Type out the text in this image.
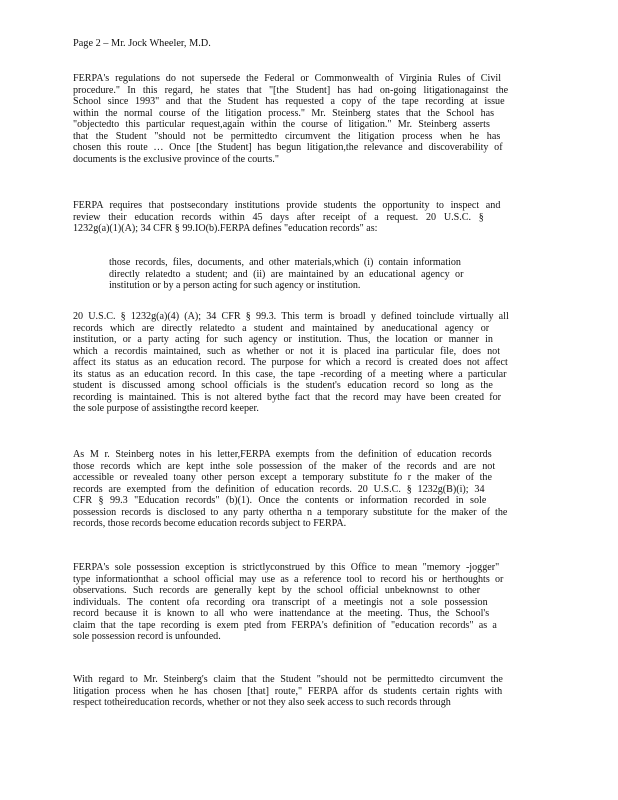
Page 2 – Mr. Jock Wheeler, M.D.
FERPA's regulations do not supersede the Federal or Commonwealth of Virginia Rules of Civil
procedure." In this regard, he states that "[the Student] has had on-going litigationagainst the
School since 1993" and that the Student has requested a copy of the tape recording at issue
within the normal course of the litigation process." Mr. Steinberg states that the School has
"objectedto this particular request,again within the course of litigation." Mr. Steinberg asserts
that the Student "should not be permittedto circumvent the litigation process when he has
chosen this route … Once [the Student] has begun litigation,the relevance and discoverability of
documents is the exclusive province of the courts."
FERPA requires that postsecondary institutions provide students the opportunity to inspect and
review their education records within 45 days after receipt of a request. 20 U.S.C. §
1232g(a)(1)(A); 34 CFR § 99.IO(b).FERPA defines "education records" as:
those records, files, documents, and other materials,which (i) contain information
directly relatedto a student; and (ii) are maintained by an educational agency or
institution or by a person acting for such agency or institution.
20 U.S.C. § 1232g(a)(4) (A); 34 CFR § 99.3. This term is broadl y defined toinclude virtually all
records which are directly relatedto a student and maintained by aneducational agency or
institution, or a party acting for such agency or institution. Thus, the location or manner in
which a recordis maintained, such as whether or not it is placed ina particular file, does not
affect its status as an education record. The purpose for which a record is created does not affect
its status as an education record. In this case, the tape -recording of a meeting where a particular
student is discussed among school officials is the student's education record so long as the
recording is maintained. This is not altered bythe fact that the record may have been created for
the sole purpose of assistingthe record keeper.
As M r. Steinberg notes in his letter,FERPA exempts from the definition of education records
those records which are kept inthe sole possession of the maker of the records and are not
accessible or revealed toany other person except a temporary substitute fo r the maker of the
records are exempted from the definition of education records. 20 U.S.C. § 1232g(B)(i); 34
CFR § 99.3 "Education records" (b)(1). Once the contents or information recorded in sole
possession records is disclosed to any party othertha n a temporary substitute for the maker of the
records, those records become education records subject to FERPA.
FERPA's sole possession exception is strictlyconstrued by this Office to mean "memory -jogger"
type informationthat a school official may use as a reference tool to record his or herthoughts or
observations. Such records are generally kept by the school official unbeknownst to other
individuals. The content ofa recording ora transcript of a meetingis not a sole possession
record because it is known to all who were inattendance at the meeting. Thus, the School's
claim that the tape recording is exem pted from FERPA's definition of "education records" as a
sole possession record is unfounded.
With regard to Mr. Steinberg's claim that the Student "should not be permittedto circumvent the
litigation process when he has chosen [that] route," FERPA affor ds students certain rights with
respect totheireducation records, whether or not they also seek access to such records through
